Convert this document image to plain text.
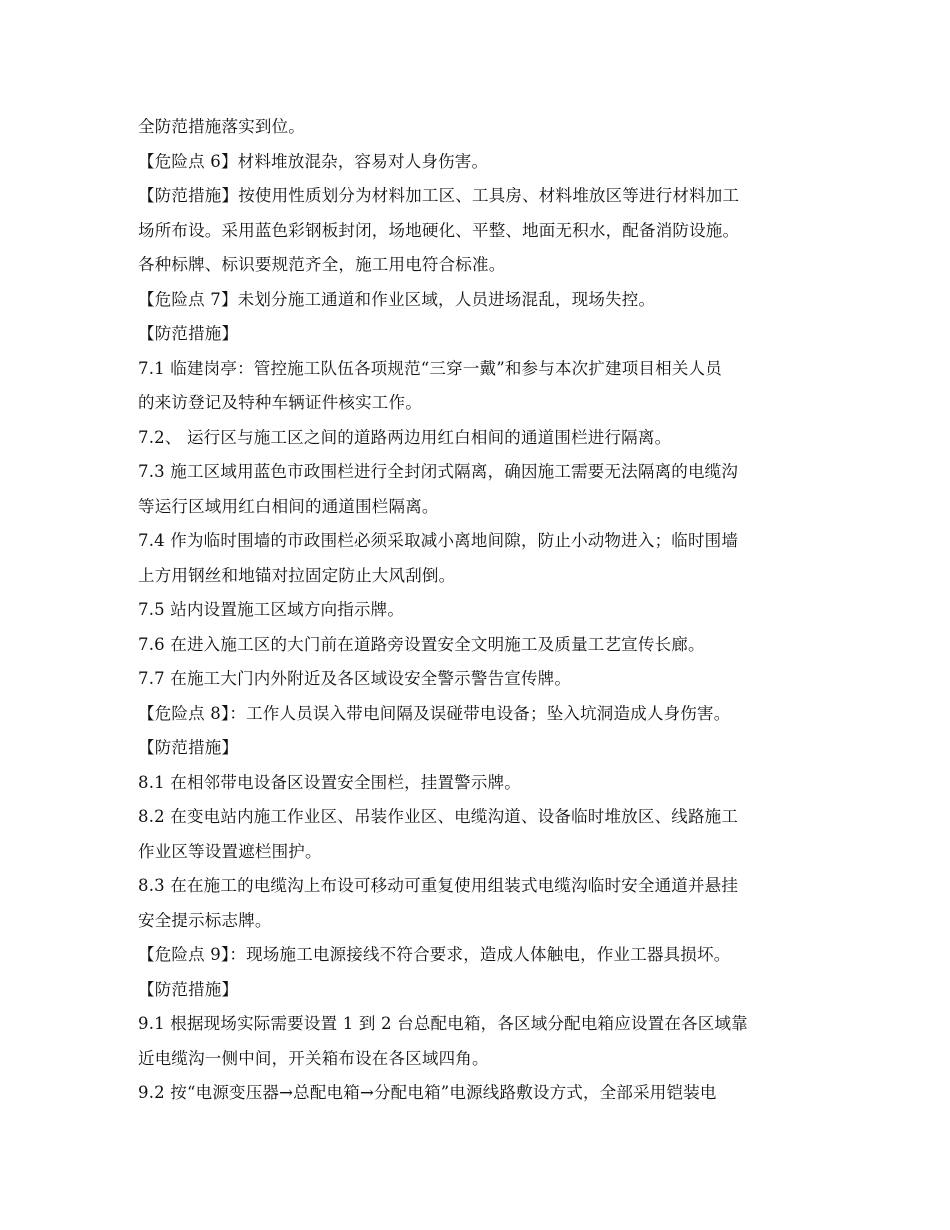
全防范措施落实到位。
【危险点 6】材料堆放混杂，容易对人身伤害。
【防范措施】按使用性质划分为材料加工区、工具房、材料堆放区等进行材料加工
场所布设。采用蓝色彩钢板封闭，场地硬化、平整、地面无积水，配备消防设施。
各种标牌、标识要规范齐全，施工用电符合标准。
【危险点 7】未划分施工通道和作业区域，人员进场混乱，现场失控。
【防范措施】
7.1 临建岗亭：管控施工队伍各项规范“三穿一戴”和参与本次扩建项目相关人员
的来访登记及特种车辆证件核实工作。
7.2、 运行区与施工区之间的道路两边用红白相间的通道围栏进行隔离。
7.3 施工区域用蓝色市政围栏进行全封闭式隔离，确因施工需要无法隔离的电缆沟
等运行区域用红白相间的通道围栏隔离。
7.4 作为临时围墙的市政围栏必须采取减小离地间隙，防止小动物进入；临时围墙
上方用钢丝和地锚对拉固定防止大风刮倒。
7.5 站内设置施工区域方向指示牌。
7.6 在进入施工区的大门前在道路旁设置安全文明施工及质量工艺宣传长廊。
7.7 在施工大门内外附近及各区域设安全警示警告宣传牌。
【危险点 8】：工作人员误入带电间隔及误碰带电设备；坠入坑洞造成人身伤害。
【防范措施】
8.1 在相邻带电设备区设置安全围栏，挂置警示牌。
8.2 在变电站内施工作业区、吊装作业区、电缆沟道、设备临时堆放区、线路施工
作业区等设置遮栏围护。
8.3 在在施工的电缆沟上布设可移动可重复使用组装式电缆沟临时安全通道并悬挂
安全提示标志牌。
【危险点 9】：现场施工电源接线不符合要求，造成人体触电，作业工器具损坏。
【防范措施】
9.1 根据现场实际需要设置 1 到 2 台总配电箱，各区域分配电箱应设置在各区域靠
近电缆沟一侧中间，开关箱布设在各区域四角。
9.2 按“电源变压器→总配电箱→分配电箱”电源线路敷设方式，全部采用铠装电
